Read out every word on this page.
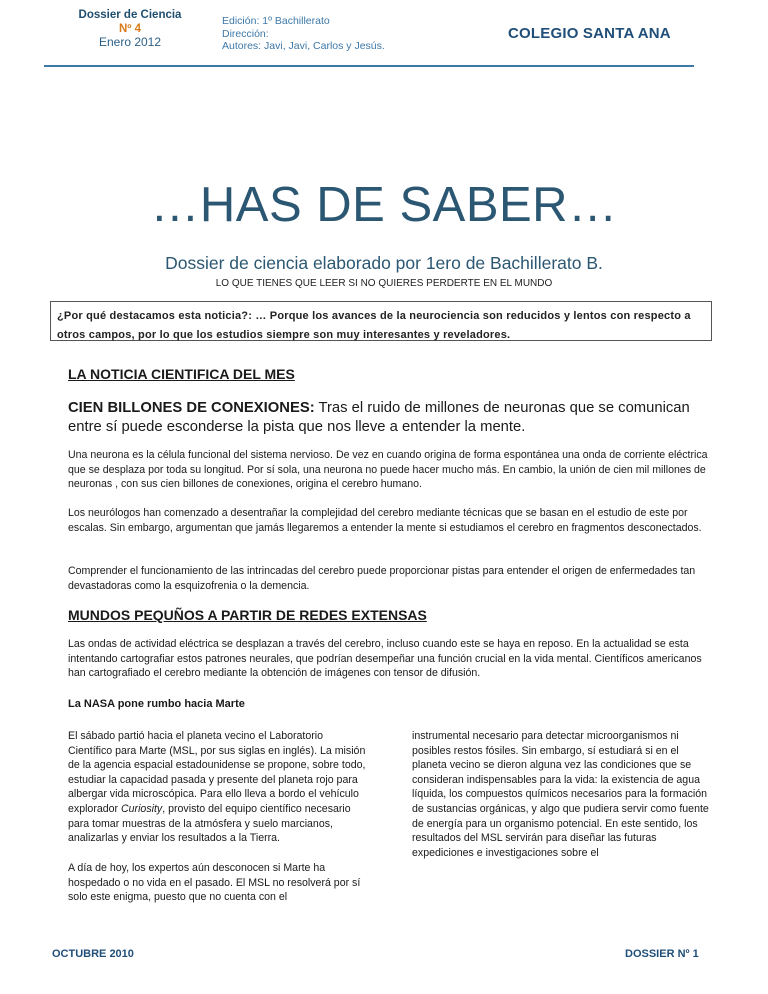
Dossier de Ciencia
Nº 4
Enero 2012
Edición: 1º Bachillerato
Dirección:
Autores: Javi, Javi, Carlos y Jesús.
COLEGIO SANTA ANA
…HAS DE SABER…
Dossier de ciencia elaborado por 1ero de Bachillerato B.
LO QUE TIENES QUE LEER SI NO QUIERES PERDERTE EN EL MUNDO
¿Por qué destacamos esta noticia?: … Porque los avances de la neurociencia son reducidos y lentos con respecto a otros campos, por lo que los estudios siempre son muy interesantes y reveladores.
LA NOTICIA CIENTIFICA DEL MES
CIEN BILLONES DE CONEXIONES: Tras el ruido de millones de neuronas que se comunican entre sí puede esconderse la pista que nos lleve a entender la mente.
Una neurona es la célula funcional del sistema nervioso. De vez en cuando origina de forma espontánea una onda de corriente eléctrica que se desplaza por toda su longitud. Por sí sola, una neurona no puede hacer mucho más. En cambio, la unión de cien mil millones de neuronas , con sus cien billones de conexiones, origina el cerebro humano.
Los neurólogos han comenzado a desentrañar la complejidad del cerebro mediante técnicas que se basan en el estudio de este por escalas. Sin embargo, argumentan que jamás llegaremos a entender la mente si estudiamos el cerebro en fragmentos desconectados.
Comprender el funcionamiento de las intrincadas del cerebro puede proporcionar pistas para entender el origen de enfermedades tan devastadoras como la esquizofrenia o la demencia.
MUNDOS PEQUÑOS A PARTIR DE REDES EXTENSAS
Las ondas de actividad eléctrica se desplazan a través del cerebro, incluso cuando este se haya en reposo. En la actualidad se esta intentando cartografiar estos patrones neurales, que podrían desempeñar una función crucial en la vida mental. Científicos americanos han cartografiado el cerebro mediante la obtención de imágenes con tensor de difusión.
La NASA pone rumbo hacia Marte
El sábado partió hacia el planeta vecino el Laboratorio Científico para Marte (MSL, por sus siglas en inglés). La misión de la agencia espacial estadounidense se propone, sobre todo, estudiar la capacidad pasada y presente del planeta rojo para albergar vida microscópica. Para ello lleva a bordo el vehículo explorador Curiosity, provisto del equipo científico necesario para tomar muestras de la atmósfera y suelo marcianos, analizarlas y enviar los resultados a la Tierra.
A día de hoy, los expertos aún desconocen si Marte ha hospedado o no vida en el pasado. El MSL no resolverá por sí solo este enigma, puesto que no cuenta con el
instrumental necesario para detectar microorganismos ni posibles restos fósiles. Sin embargo, sí estudiará si en el planeta vecino se dieron alguna vez las condiciones que se consideran indispensables para la vida: la existencia de agua líquida, los compuestos químicos necesarios para la formación de sustancias orgánicas, y algo que pudiera servir como fuente de energía para un organismo potencial. En este sentido, los resultados del MSL servirán para diseñar las futuras expediciones e investigaciones sobre el
OCTUBRE 2010	DOSSIER Nº 1
